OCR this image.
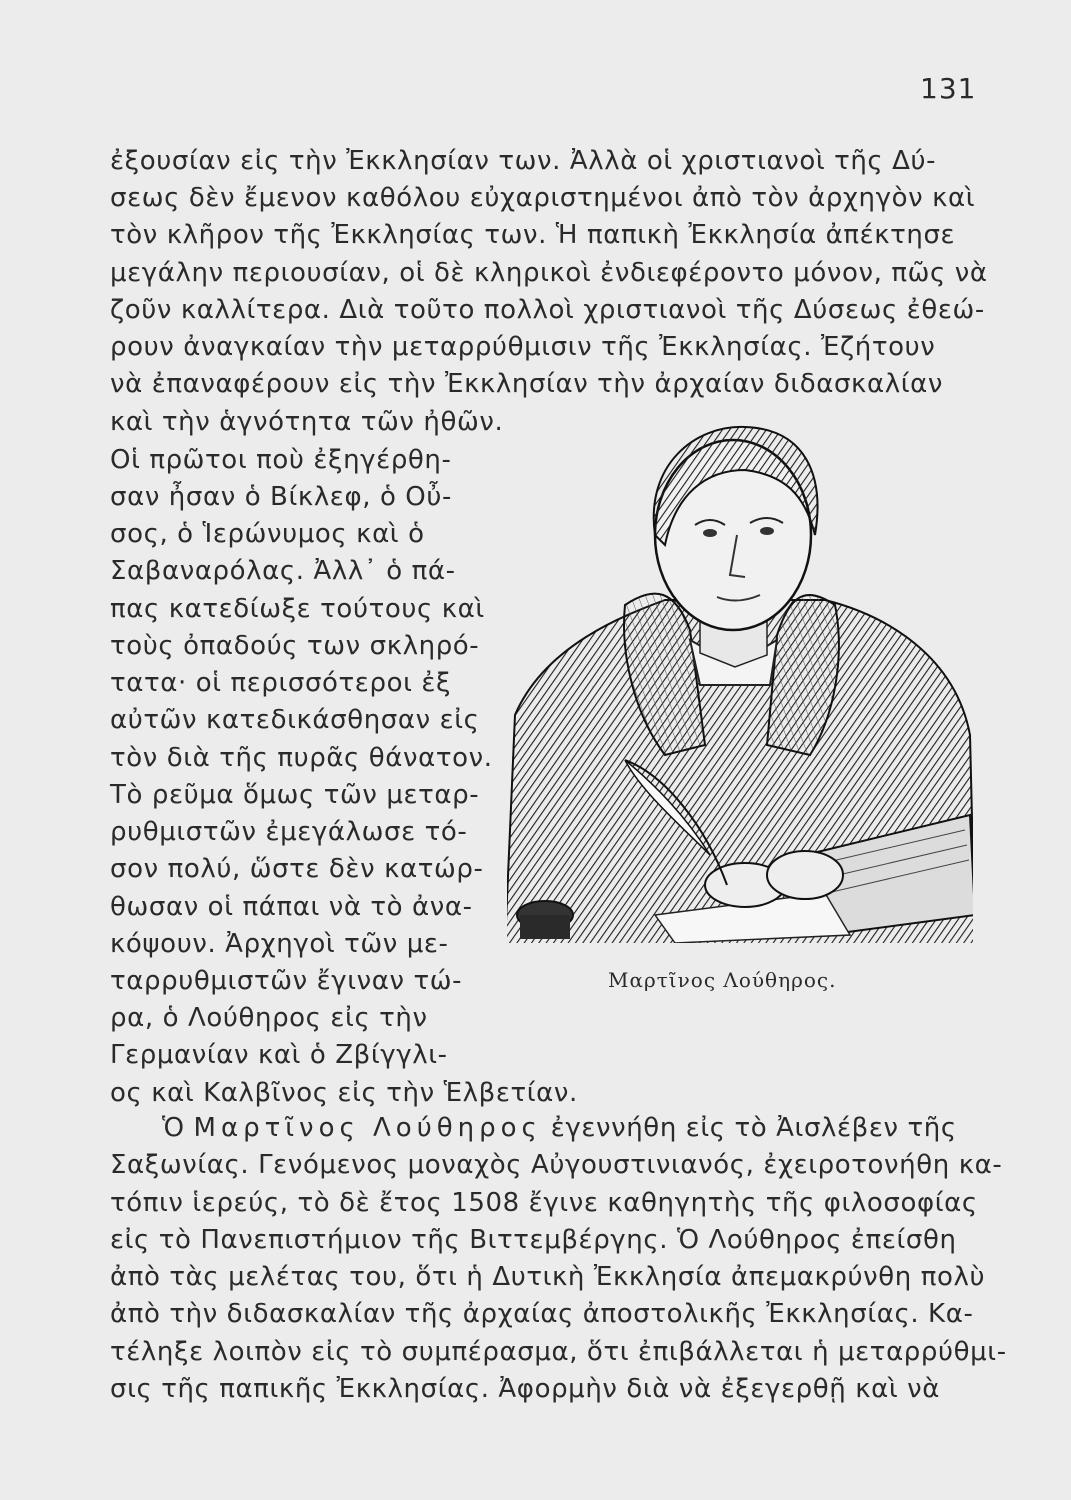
131
ἐξουσίαν εἰς τὴν Ἐκκλησίαν των. Ἀλλὰ οἱ χριστιανοὶ τῆς Δύ-
σεως δὲν ἔμενον καθόλου εὐχαριστημένοι ἀπὸ τὸν ἀρχηγὸν καὶ
τὸν κλῆρον τῆς Ἐκκλησίας των. Ἡ παπικὴ Ἐκκλησία ἀπέκτησε
μεγάλην περιουσίαν, οἱ δὲ κληρικοὶ ἐνδιεφέροντο μόνον, πῶς νὰ
ζοῦν καλλίτερα. Διὰ τοῦτο πολλοὶ χριστιανοὶ τῆς Δύσεως ἐθεώ-
ρουν ἀναγκαίαν τὴν μεταρρύθμισιν τῆς Ἐκκλησίας. Ἐζήτουν
νὰ ἐπαναφέρουν εἰς τὴν Ἐκκλησίαν τὴν ἀρχαίαν διδασκαλίαν
καὶ τὴν ἁγνότητα τῶν ἠθῶν.
Οἱ πρῶτοι ποὺ ἐξηγέρθη-
σαν ἦσαν ὁ Βίκλεφ, ὁ Οὖ-
σος, ὁ Ἱερώνυμος καὶ ὁ
Σαβαναρόλας. Ἀλλ᾿ ὁ πά-
πας κατεδίωξε τούτους καὶ
τοὺς ὀπαδούς των σκληρό-
τατα· οἱ περισσότεροι ἐξ
αὐτῶν κατεδικάσθησαν εἰς
τὸν διὰ τῆς πυρᾶς θάνατον.
Τὸ ρεῦμα ὅμως τῶν μεταρ-
ρυθμιστῶν ἐμεγάλωσε τό-
σον πολύ, ὥστε δὲν κατώρ-
θωσαν οἱ πάπαι νὰ τὸ ἀνα-
κόψουν. Ἀρχηγοὶ τῶν με-
ταρρυθμιστῶν ἔγιναν τώ-
ρα, ὁ Λούθηρος εἰς τὴν
Γερμανίαν καὶ ὁ Ζβίγγλι-
ος καὶ Καλβῖνος εἰς τὴν Ἑλβετίαν.
Μαρτῖνος Λούθηρος.
Ὁ Μαρτῖνος Λούθηρος ἐγεννήθη εἰς τὸ Ἀισλέβεν τῆς
Σαξωνίας. Γενόμενος μοναχὸς Αὐγουστινιανός, ἐχειροτονήθη κα-
τόπιν ἱερεύς, τὸ δὲ ἔτος 1508 ἔγινε καθηγητὴς τῆς φιλοσοφίας
εἰς τὸ Πανεπιστήμιον τῆς Βιττεμβέργης. Ὁ Λούθηρος ἐπείσθη
ἀπὸ τὰς μελέτας του, ὅτι ἡ Δυτικὴ Ἐκκλησία ἀπεμακρύνθη πολὺ
ἀπὸ τὴν διδασκαλίαν τῆς ἀρχαίας ἀποστολικῆς Ἐκκλησίας. Κα-
τέληξε λοιπὸν εἰς τὸ συμπέρασμα, ὅτι ἐπιβάλλεται ἡ μεταρρύθμι-
σις τῆς παπικῆς Ἐκκλησίας. Ἀφορμὴν διὰ νὰ ἐξεγερθῇ καὶ νὰ
